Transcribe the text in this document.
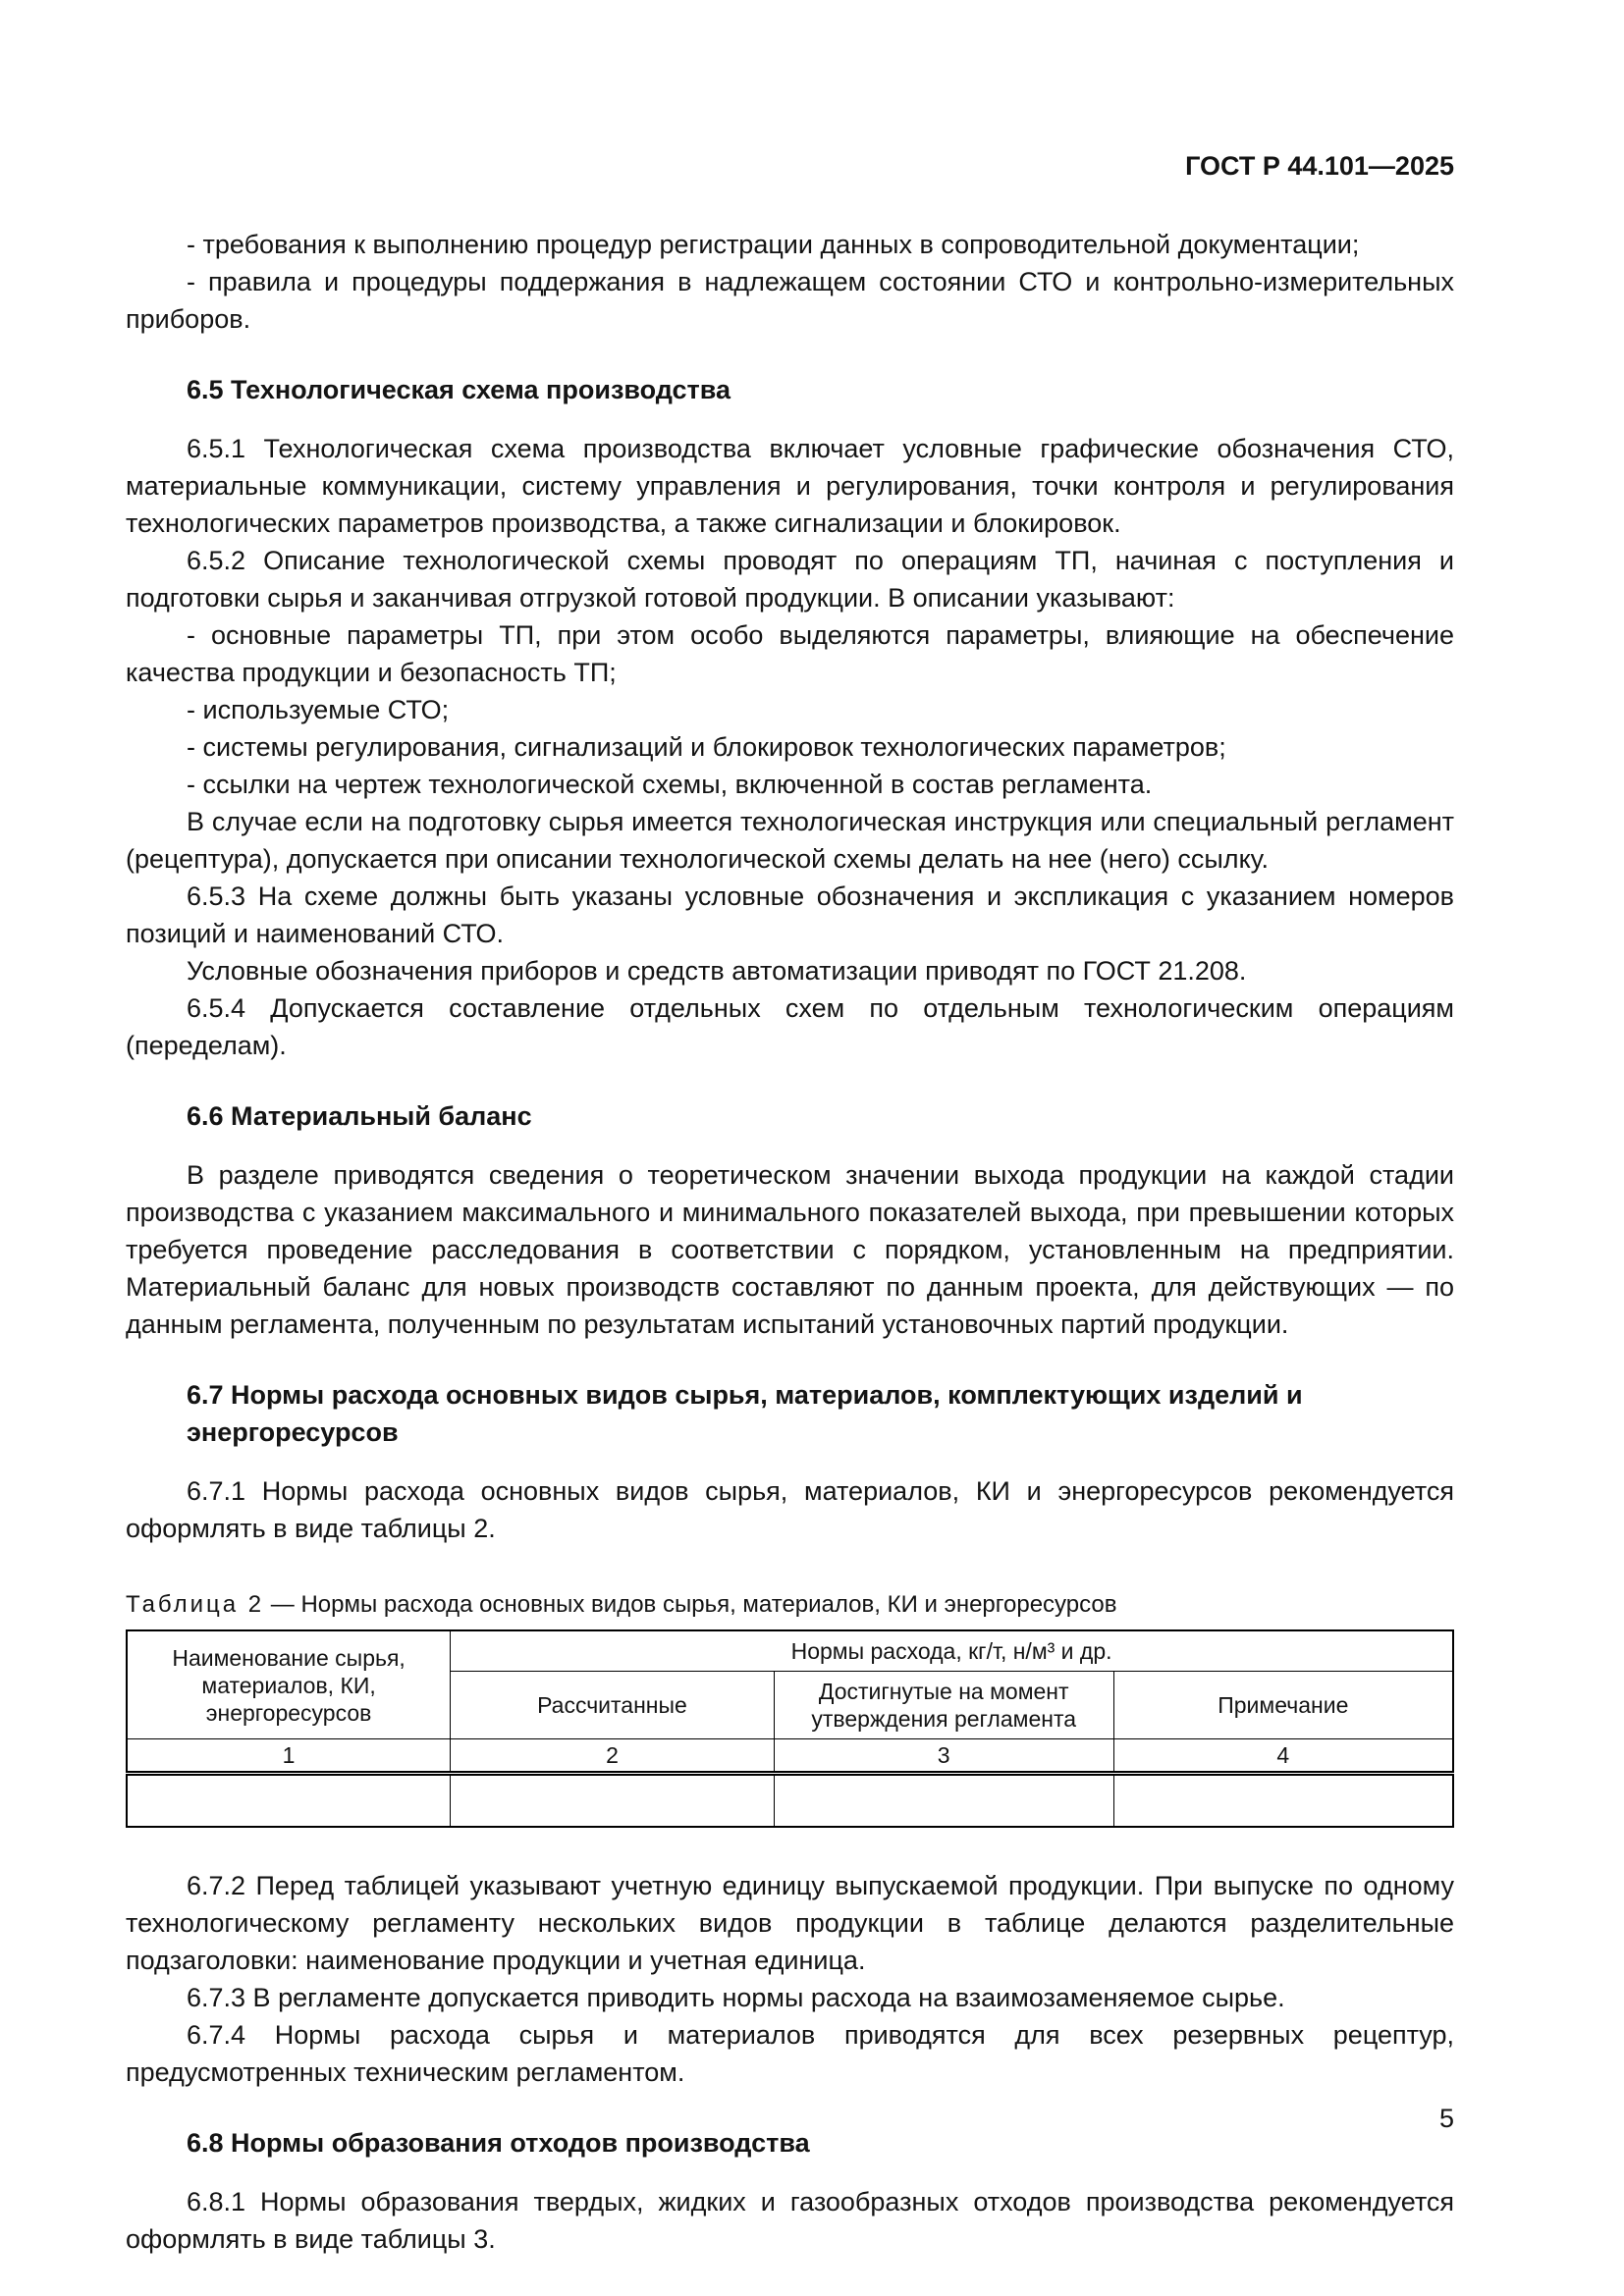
ГОСТ Р 44.101—2025

- требования к выполнению процедур регистрации данных в сопроводительной документации;

- правила и процедуры поддержания в надлежащем состоянии СТО и контрольно-измерительных приборов.

6.5 Технологическая схема производства

6.5.1 Технологическая схема производства включает условные графические обозначения СТО, материальные коммуникации, систему управления и регулирования, точки контроля и регулирования технологических параметров производства, а также сигнализации и блокировок.

6.5.2 Описание технологической схемы проводят по операциям ТП, начиная с поступления и подготовки сырья и заканчивая отгрузкой готовой продукции. В описании указывают:

- основные параметры ТП, при этом особо выделяются параметры, влияющие на обеспечение качества продукции и безопасность ТП;

- используемые СТО;

- системы регулирования, сигнализаций и блокировок технологических параметров;

- ссылки на чертеж технологической схемы, включенной в состав регламента.

В случае если на подготовку сырья имеется технологическая инструкция или специальный регламент (рецептура), допускается при описании технологической схемы делать на нее (него) ссылку.

6.5.3 На схеме должны быть указаны условные обозначения и экспликация с указанием номеров позиций и наименований СТО.

Условные обозначения приборов и средств автоматизации приводят по ГОСТ 21.208.

6.5.4 Допускается составление отдельных схем по отдельным технологическим операциям (переделам).

6.6 Материальный баланс

В разделе приводятся сведения о теоретическом значении выхода продукции на каждой стадии производства с указанием максимального и минимального показателей выхода, при превышении которых требуется проведение расследования в соответствии с порядком, установленным на предприятии. Материальный баланс для новых производств составляют по данным проекта, для действующих — по данным регламента, полученным по результатам испытаний установочных партий продукции.

6.7 Нормы расхода основных видов сырья, материалов, комплектующих изделий и энергоресурсов

6.7.1 Нормы расхода основных видов сырья, материалов, КИ и энергоресурсов рекомендуется оформлять в виде таблицы 2.

Таблица 2 — Нормы расхода основных видов сырья, материалов, КИ и энергоресурсов
Наименование сырья, материалов, КИ, энергоресурсов	Нормы расхода, кг/т, н/м³ и др.		
	Рассчитанные	Достигнутые на момент утверждения регламента	Примечание
1	2	3	4

6.7.2 Перед таблицей указывают учетную единицу выпускаемой продукции. При выпуске по одному технологическому регламенту нескольких видов продукции в таблице делаются разделительные подзаголовки: наименование продукции и учетная единица.

6.7.3 В регламенте допускается приводить нормы расхода на взаимозаменяемое сырье.

6.7.4 Нормы расхода сырья и материалов приводятся для всех резервных рецептур, предусмотренных техническим регламентом.

6.8 Нормы образования отходов производства

6.8.1 Нормы образования твердых, жидких и газообразных отходов производства рекомендуется оформлять в виде таблицы 3.

5
